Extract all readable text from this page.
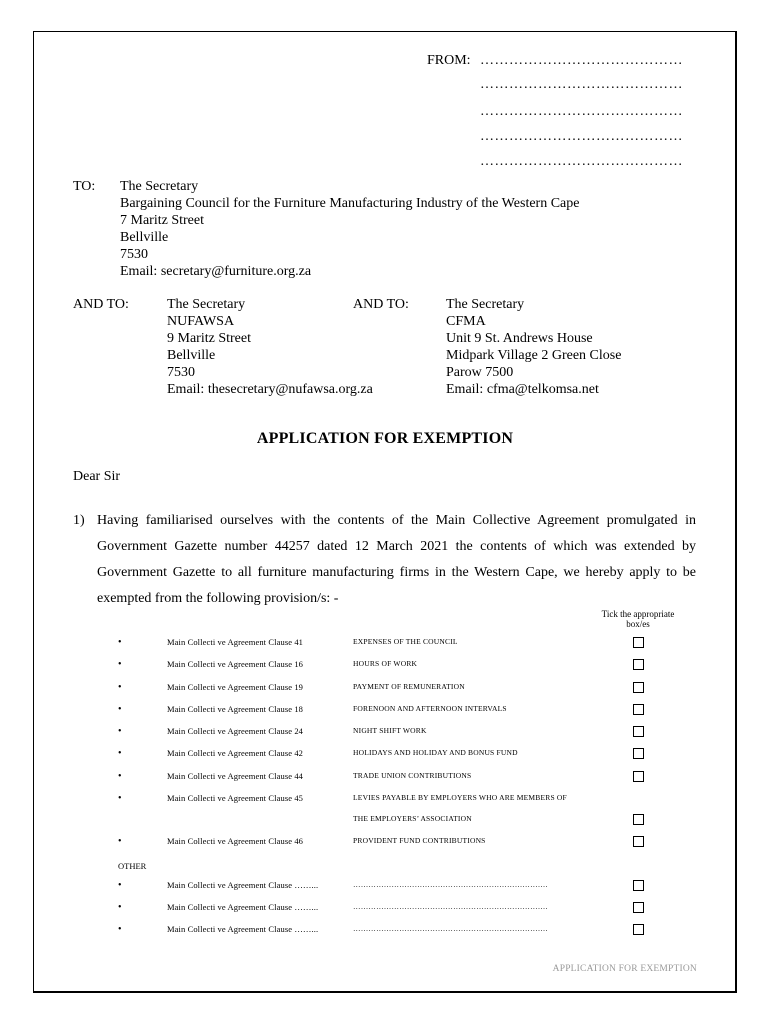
FROM: ……………………………………
……………………………………
……………………………………
……………………………………
……………………………………
TO: The Secretary
Bargaining Council for the Furniture Manufacturing Industry of the Western Cape
7 Maritz Street
Bellville
7530
Email: secretary@furniture.org.za
AND TO:	The Secretary
NUFAWSA
9 Maritz Street
Bellville
7530
Email: thesecretary@nufawsa.org.za
AND TO:	The Secretary
CFMA
Unit 9 St. Andrews House
Midpark Village 2 Green Close
Parow 7500
Email: cfma@telkomsa.net
APPLICATION FOR EXEMPTION
Dear Sir
1) Having familiarised ourselves with the contents of the Main Collective Agreement promulgated in Government Gazette number 44257 dated 12 March 2021 the contents of which was extended by Government Gazette to all furniture manufacturing firms in the Western Cape, we hereby apply to be exempted from the following provision/s: -
Tick the appropriate box/es
•	Main Collecti ve Agreement Clause 41	EXPENSES OF THE COUNCIL
•	Main Collecti ve Agreement Clause 16	HOURS OF WORK
•	Main Collecti ve Agreement Clause 19	PAYMENT OF REMUNERATION
•	Main Collecti ve Agreement Clause 18	FORENOON AND AFTERNOON INTERVALS
•	Main Collecti ve Agreement Clause 24	NIGHT SHIFT WORK
•	Main Collecti ve Agreement Clause 42	HOLIDAYS AND HOLIDAY AND BONUS FUND
•	Main Collecti ve Agreement Clause 44	TRADE UNION CONTRIBUTIONS
•	Main Collecti ve Agreement Clause 45	LEVIES PAYABLE BY EMPLOYERS WHO ARE MEMBERS OF
THE EMPLOYERS’ ASSOCIATION
•	Main Collecti ve Agreement Clause 46	PROVIDENT FUND CONTRIBUTIONS
OTHER
•	Main Collecti ve Agreement Clause ……...	………………………………………………………………….
•	Main Collecti ve Agreement Clause ……...	………………………………………………………………….
•	Main Collecti ve Agreement Clause ……...	………………………………………………………………….
APPLICATION FOR EXEMPTION
